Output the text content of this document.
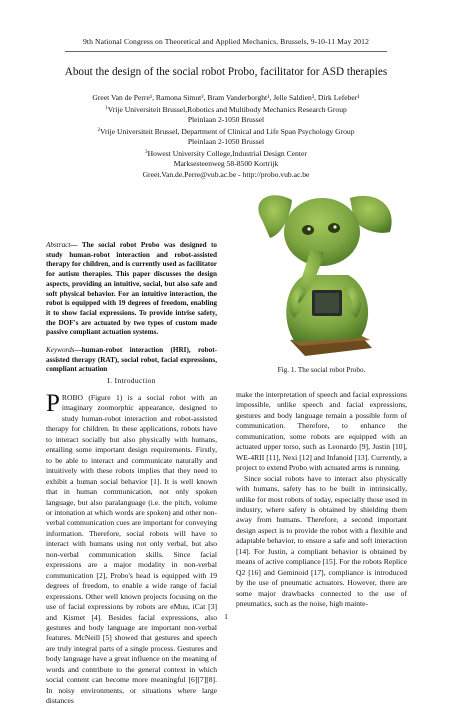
9th National Congress on Theoretical and Applied Mechanics, Brussels, 9-10-11 May 2012
About the design of the social robot Probo, facilitator for ASD therapies
Greet Van de Perre¹, Ramona Simut², Bram Vanderborght¹, Jelle Saldien³, Dirk Lefeber¹
$^1$Vrije Universiteit Brussel,Robotics and Multibody Mechanics Research Group
Pleinlaan 2-1050 Brussel
$^2$Vrije Universiteit Brussel, Department of Clinical and Life Span Psychology Group
Pleinlaan 2-1050 Brussel
$^3$Howest University College,Industrial Design Center
Marksesteenweg 58-8500 Kortrijk
Greet.Van.de.Perre@vub.ac.be - http://probo.vub.ac.be
Abstract— The social robot Probo was designed to study human-robot interaction and robot-assisted therapy for children, and is currently used as facilitator for autism therapies. This paper discusses the design aspects, providing an intuitive, social, but also safe and soft physical behavior. For an intuitive interaction, the robot is equipped with 19 degrees of freedom, enabling it to show facial expressions. To provide intrise safety, the DOF's are actuated by two types of custom made passive compliant actuation systems.
Keywords—human-robot interaction (HRI), robot-assisted therapy (RAT), social robot, facial expressions, compliant actuation
I. Introduction
PROBO (Figure 1) is a social robot with an imaginary zoomorphic appearance, designed to study human-robot interaction and robot-assisted therapy for children. In these applications, robots have to interact socially but also physically with humans, entailing some important design requirements. Firstly, to be able to interact and communicate naturally and intuitively with these robots implies that they need to exhibit a human social behavior [1]. It is well known that in human communication, not only spoken language, but also paralanguage (i.e. the pitch, volume or intonation at which words are spoken) and other non-verbal communication cues are important for conveying information. Therefore, social robots will have to interact with humans using not only verbal, but also non-verbal communication skills. Since facial expressions are a major modality in non-verbal communication [2], Probo's head is equipped with 19 degrees of freedom, to enable a wide range of facial expressions. Other well known projects focusing on the use of facial expressions by robots are eMuu, iCat [3] and Kismet [4]. Besides facial expressions, also gestures and body language are important non-verbal features. McNeill [5] showed that gestures and speech are truly integral parts of a single process. Gestures and body language have a great influence on the meaning of words and contribute to the general context in which social content can become more meaningful [6][7][8]. In noisy environments, or situations where large distances
Fig. 1. The social robot Probo.
make the interpretation of speech and facial expressions impossible, unlike speech and facial expressions, gestures and body language remain a possible form of communication. Therefore, to enhance the communication, some robots are equipped with an actuated upper torso, such as Leonardo [9], Justin [10], WE-4RII [11], Nexi [12] and Infanoid [13]. Currently, a project to extend Probo with actuated arms is running.
Since social robots have to interact also physically with humans, safety has to be built in intrinsically, unlike for most robots of today, especially those used in industry, where safety is obtained by shielding them away from humans. Therefore, a second important design aspect is to provide the robot with a flexible and adaptable behavior, to ensure a safe and soft interaction [14]. For Justin, a compliant behavior is obtained by means of active compliance [15]. For the robots Replice Q2 [16] and Geminoid [17], compliance is introduced by the use of pneumatic actuators. However, there are some major drawbacks connected to the use of pneumatics, such as the noise, high mainte-
1
